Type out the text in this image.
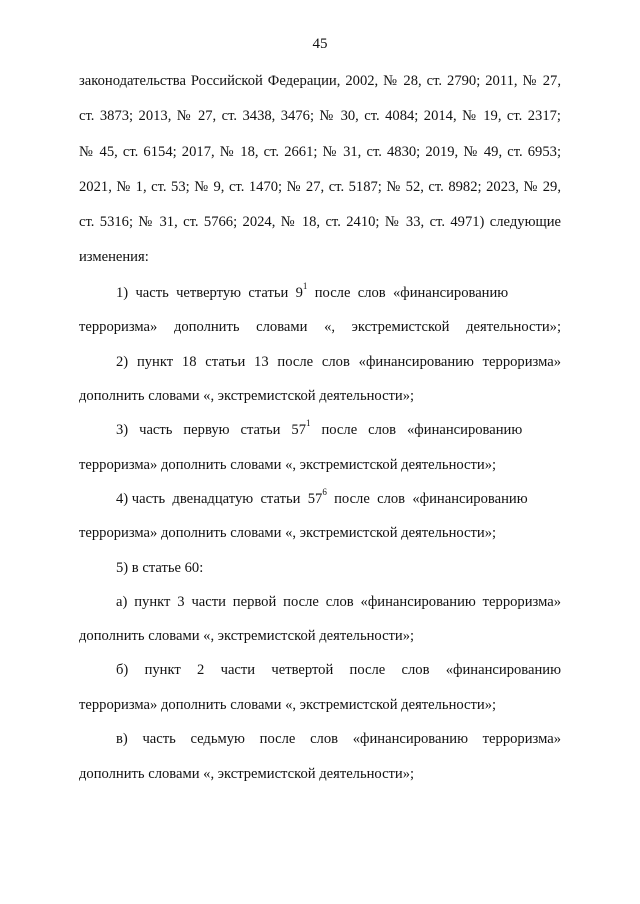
45
законодательства Российской Федерации, 2002, № 28, ст. 2790; 2011, № 27,
ст. 3873; 2013, № 27, ст. 3438, 3476; № 30, ст. 4084; 2014, № 19, ст. 2317;
№ 45, ст. 6154; 2017, № 18, ст. 2661; № 31, ст. 4830; 2019, № 49, ст. 6953;
2021, № 1, ст. 53; № 9, ст. 1470; № 27, ст. 5187; № 52, ст. 8982; 2023, № 29,
ст. 5316; № 31, ст. 5766; 2024, № 18, ст. 2410; № 33, ст. 4971) следующие
изменения:
1)  часть  четвертую  статьи  $9^1$  после  слов  «финансированию
терроризма» дополнить словами «, экстремистской деятельности»;
2) пункт 18 статьи 13 после слов «финансированию терроризма»
дополнить словами «, экстремистской деятельности»;
3)   часть   первую   статьи   $57^1$   после   слов   «финансированию
терроризма» дополнить словами «, экстремистской деятельности»;
4) часть  двенадцатую  статьи  $57^6$  после  слов  «финансированию
терроризма» дополнить словами «, экстремистской деятельности»;
5) в статье 60:
а) пункт 3 части первой после слов «финансированию терроризма»
дополнить словами «, экстремистской деятельности»;
б) пункт 2 части четвертой после слов «финансированию
терроризма» дополнить словами «, экстремистской деятельности»;
в) часть седьмую после слов «финансированию терроризма»
дополнить словами «, экстремистской деятельности»;
